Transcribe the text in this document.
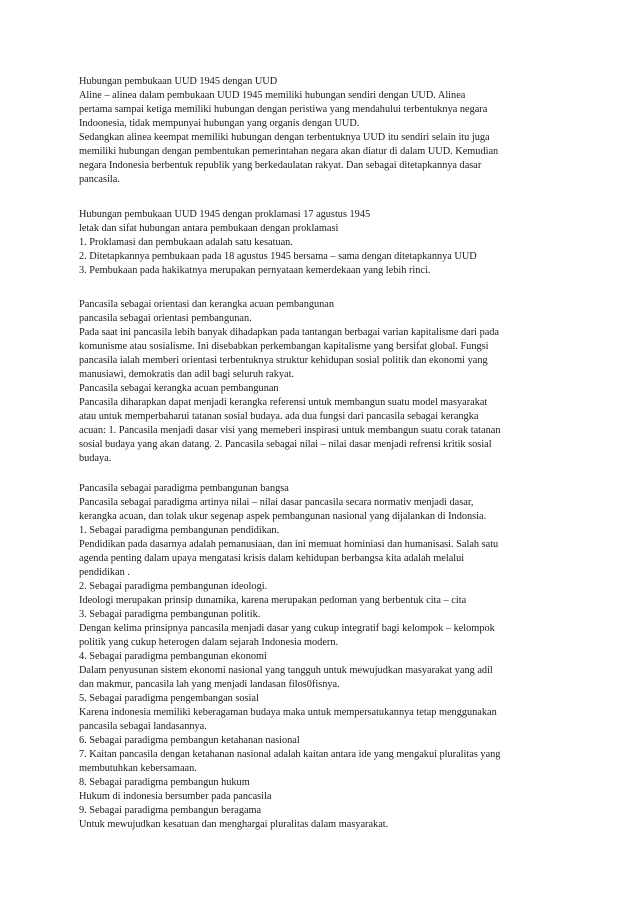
Hubungan pembukaan UUD 1945 dengan UUD

Aline – alinea dalam pembukaan UUD 1945 memiliki hubungan sendiri dengan UUD. Alinea

pertama sampai ketiga memiliki hubungan dengan peristiwa yang mendahului terbentuknya negara

Indoonesia, tidak mempunyai hubungan yang organis dengan UUD.

Sedangkan alinea keempat memiliki hubungan dengan terbentuknya UUD itu sendiri selain itu juga

memiliki hubungan dengan pembentukan pemerintahan negara akan diatur di dalam UUD. Kemudian

negara Indonesia berbentuk republik yang berkedaulatan rakyat. Dan sebagai ditetapkannya dasar

pancasila.

Hubungan pembukaan UUD 1945 dengan proklamasi 17 agustus 1945

letak dan sifat hubungan antara pembukaan dengan proklamasi

1. Proklamasi dan pembukaan adalah satu kesatuan.

2. Ditetapkannya pembukaan pada 18 agustus 1945 bersama – sama dengan ditetapkannya UUD

3. Pembukaan pada hakikatnya merupakan pernyataan kemerdekaan yang lebih rinci.

Pancasila sebagai orientasi dan kerangka acuan pembangunan

pancasila sebagai orientasi pembangunan.

Pada saat ini pancasila lebih banyak dihadapkan pada tantangan berbagai varian kapitalisme dari pada

komunisme atau sosialisme. Ini disebabkan perkembangan kapitalisme yang bersifat global. Fungsi

pancasila ialah memberi orientasi terbentuknya struktur kehidupan sosial politik dan ekonomi yang

manusiawi, demokratis dan adil bagi seluruh rakyat.

Pancasila sebagai kerangka acuan pembangunan

Pancasila diharapkan dapat menjadi kerangka referensi untuk membangun suatu model masyarakat

atau untuk memperbaharui tatanan sosial budaya. ada dua fungsi dari pancasila sebagai kerangka

acuan: 1. Pancasila menjadi dasar visi yang memeberi inspirasi untuk membangun suatu corak tatanan

sosial budaya yang akan datang. 2. Pancasila sebagai nilai – nilai dasar menjadi refrensi kritik sosial

budaya.

Pancasila sebagai paradigma pembangunan bangsa

Pancasila sebagai paradigma artinya nilai – nilai dasar pancasila secara normativ menjadi dasar,

kerangka acuan, dan tolak ukur segenap aspek pembangunan nasional yang dijalankan di Indonsia.

1. Sebagai paradigma pembangunan pendidikan.

Pendidikan pada dasarnya adalah pemanusiaan, dan ini memuat hominiasi dan humanisasi. Salah satu

agenda penting dalam upaya mengatasi krisis dalam kehidupan berbangsa kita adalah melalui

pendidikan .

2. Sebagai paradigma pembangunan ideologi.

Ideologi merupakan prinsip dunamika, karena merupakan pedoman yang berbentuk cita – cita

3. Sebagai paradigma pembangunan politik.

Dengan kelima prinsipnya pancasila menjadi dasar yang cukup integratif bagi kelompok – kelompok

politik yang cukup heterogen dalam sejarah Indonesia modern.

4. Sebagai paradigma pembangunan ekonomi

Dalam penyusunan sistem ekonomi nasional yang tangguh untuk mewujudkan masyarakat yang adil

dan makmur, pancasila lah yang menjadi landasan filos0fisnya.

5. Sebagai paradigma pengembangan sosial

Karena indonesia memiliki keberagaman budaya maka untuk mempersatukannya tetap menggunakan

pancasila sebagai landasannya.

6. Sebagai paradigma pembangun ketahanan nasional

7. Kaitan pancasila dengan ketahanan nasional adalah kaitan antara ide yang mengakui pluralitas yang

membutuhkan kebersamaan.

8. Sebagai paradigma pembangun hukum

Hukum di indonesia bersumber pada pancasila

9. Sebagai paradigma pembangun beragama

Untuk mewujudkan kesatuan dan menghargai pluralitas dalam masyarakat.
